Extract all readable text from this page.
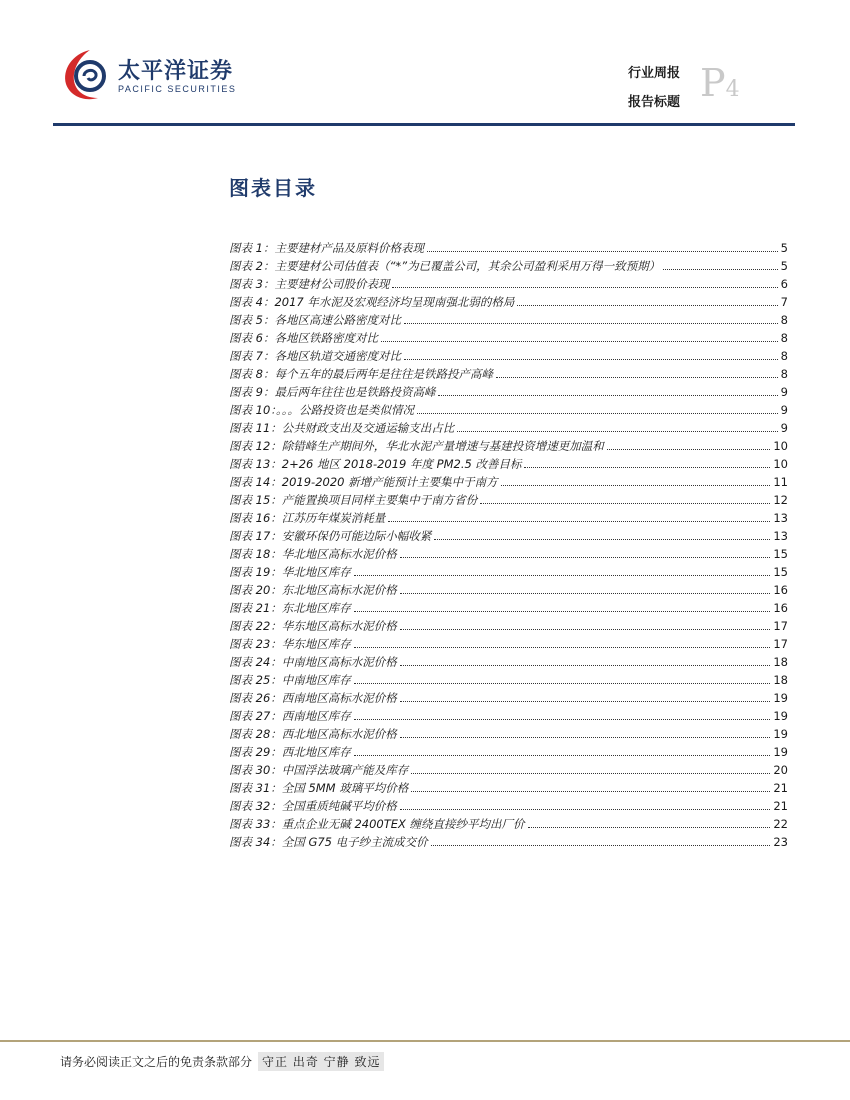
太平洋证券
PACIFIC SECURITIES
行业周报
报告标题 P4
图表目录
图表 1：主要建材产品及原料价格表现	5
图表 2：主要建材公司估值表（“*”为已覆盖公司，其余公司盈利采用万得一致预期）	5
图表 3：主要建材公司股价表现	6
图表 4：2017 年水泥及宏观经济均呈现南强北弱的格局	7
图表 5：各地区高速公路密度对比	8
图表 6：各地区铁路密度对比	8
图表 7：各地区轨道交通密度对比	8
图表 8：每个五年的最后两年是往往是铁路投产高峰	8
图表 9：最后两年往往也是铁路投资高峰	9
图表 10：。。。公路投资也是类似情况	9
图表 11：公共财政支出及交通运输支出占比	9
图表 12：除错峰生产期间外，华北水泥产量增速与基建投资增速更加温和	10
图表 13：2+26 地区 2018-2019 年度 PM2.5 改善目标	10
图表 14：2019-2020 新增产能预计主要集中于南方	11
图表 15：产能置换项目同样主要集中于南方省份	12
图表 16：江苏历年煤炭消耗量	13
图表 17：安徽环保仍可能边际小幅收紧	13
图表 18：华北地区高标水泥价格	15
图表 19：华北地区库存	15
图表 20：东北地区高标水泥价格	16
图表 21：东北地区库存	16
图表 22：华东地区高标水泥价格	17
图表 23：华东地区库存	17
图表 24：中南地区高标水泥价格	18
图表 25：中南地区库存	18
图表 26：西南地区高标水泥价格	19
图表 27：西南地区库存	19
图表 28：西北地区高标水泥价格	19
图表 29：西北地区库存	19
图表 30：中国浮法玻璃产能及库存	20
图表 31：全国 5MM 玻璃平均价格	21
图表 32：全国重质纯碱平均价格	21
图表 33：重点企业无碱 2400TEX 缠绕直接纱平均出厂价	22
图表 34：全国 G75 电子纱主流成交价	23
请务必阅读正文之后的免责条款部分 守正 出奇 宁静 致远
